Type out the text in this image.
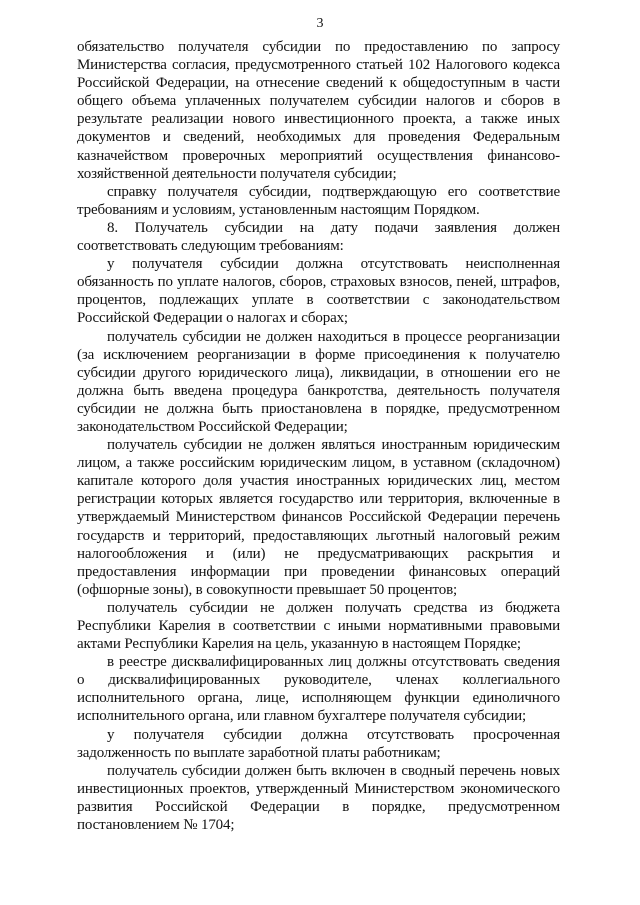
3

обязательство получателя субсидии по предоставлению по запросу Министерства согласия, предусмотренного статьей 102 Налогового кодекса Российской Федерации, на отнесение сведений к общедоступным в части общего объема уплаченных получателем субсидии налогов и сборов в результате реализации нового инвестиционного проекта, а также иных документов и сведений, необходимых для проведения Федеральным казначейством проверочных мероприятий осуществления финансово-хозяйственной деятельности получателя субсидии;

справку получателя субсидии, подтверждающую его соответствие требованиям и условиям, установленным настоящим Порядком.

8. Получатель субсидии на дату подачи заявления должен соответствовать следующим требованиям:

у получателя субсидии должна отсутствовать неисполненная обязанность по уплате налогов, сборов, страховых взносов, пеней, штрафов, процентов, подлежащих уплате в соответствии с законодательством Российской Федерации о налогах и сборах;

получатель субсидии не должен находиться в процессе реорганизации (за исключением реорганизации в форме присоединения к получателю субсидии другого юридического лица), ликвидации, в отношении его не должна быть введена процедура банкротства, деятельность получателя субсидии не должна быть приостановлена в порядке, предусмотренном законодательством Российской Федерации;

получатель субсидии не должен являться иностранным юридическим лицом, а также российским юридическим лицом, в уставном (складочном) капитале которого доля участия иностранных юридических лиц, местом регистрации которых является государство или территория, включенные в утверждаемый Министерством финансов Российской Федерации перечень государств и территорий, предоставляющих льготный налоговый режим налогообложения и (или) не предусматривающих раскрытия и предоставления информации при проведении финансовых операций (офшорные зоны), в совокупности превышает 50 процентов;

получатель субсидии не должен получать средства из бюджета Республики Карелия в соответствии с иными нормативными правовыми актами Республики Карелия на цель, указанную в настоящем Порядке;

в реестре дисквалифицированных лиц должны отсутствовать сведения о дисквалифицированных руководителе, членах коллегиального исполнительного органа, лице, исполняющем функции единоличного исполнительного органа, или главном бухгалтере получателя субсидии;

у получателя субсидии должна отсутствовать просроченная задолженность по выплате заработной платы работникам;

получатель субсидии должен быть включен в сводный перечень новых инвестиционных проектов, утвержденный Министерством экономического развития Российской Федерации в порядке, предусмотренном постановлением № 1704;
